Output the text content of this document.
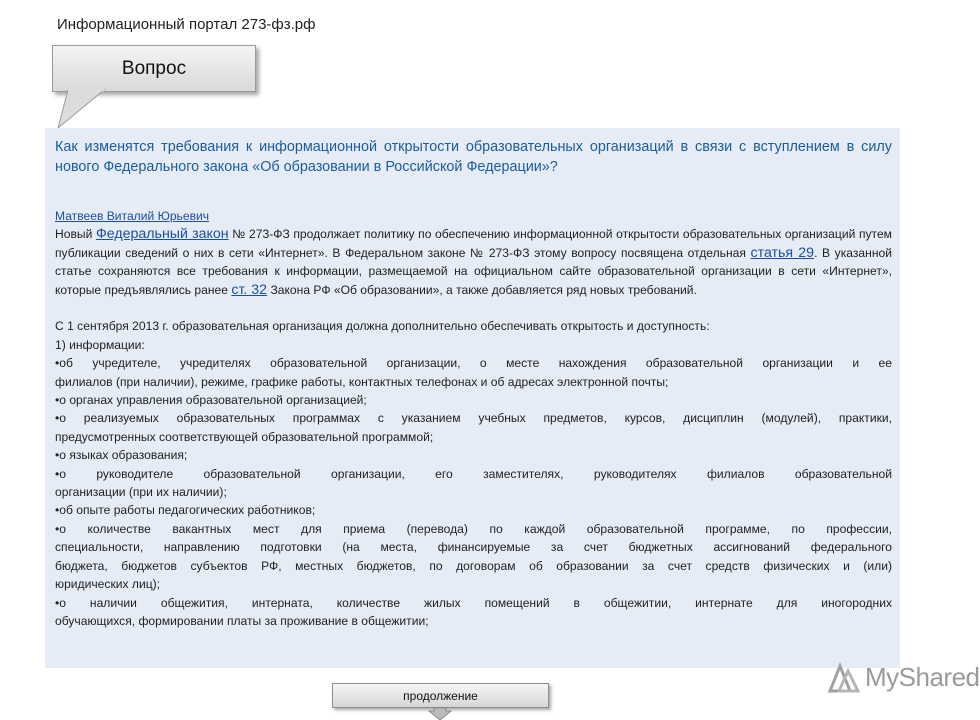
Информационный портал 273-фз.рф
Вопрос
Как изменятся требования к информационной открытости образовательных организаций в связи с вступлением в силу нового Федерального закона «Об образовании в Российской Федерации»?

Матвеев Виталий Юрьевич

Новый Федеральный закон № 273-ФЗ продолжает политику по обеспечению информационной открытости образовательных организаций путем публикации сведений о них в сети «Интернет». В Федеральном законе № 273-ФЗ этому вопросу посвящена отдельная статья 29. В указанной статье сохраняются все требования к информации, размещаемой на официальном сайте образовательной организации в сети «Интернет», которые предъявлялись ранее ст. 32 Закона РФ «Об образовании», а также добавляется ряд новых требований.

С 1 сентября 2013 г. образовательная организация должна дополнительно обеспечивать открытость и доступность:

1) информации:

•об учредителе, учредителях образовательной организации, о месте нахождения образовательной организации и ее

филиалов (при наличии), режиме, графике работы, контактных телефонах и об адресах электронной почты;

•о органах управления образовательной организацией;

•о реализуемых образовательных программах с указанием учебных предметов, курсов, дисциплин (модулей), практики,

предусмотренных соответствующей образовательной программой;

•о языках образования;

•о руководителе образовательной организации, его заместителях, руководителях филиалов образовательной

организации (при их наличии);

•об опыте работы педагогических работников;

•о количестве вакантных мест для приема (перевода) по каждой образовательной программе, по профессии,

специальности, направлению подготовки (на места, финансируемые за счет бюджетных ассигнований федерального

бюджета, бюджетов субъектов РФ, местных бюджетов, по договорам об образовании за счет средств физических и (или)

юридических лиц);

•о наличии общежития, интерната, количестве жилых помещений в общежитии, интернате для иногородних

обучающихся, формировании платы за проживание в общежитии;

MyShared
продолжение
